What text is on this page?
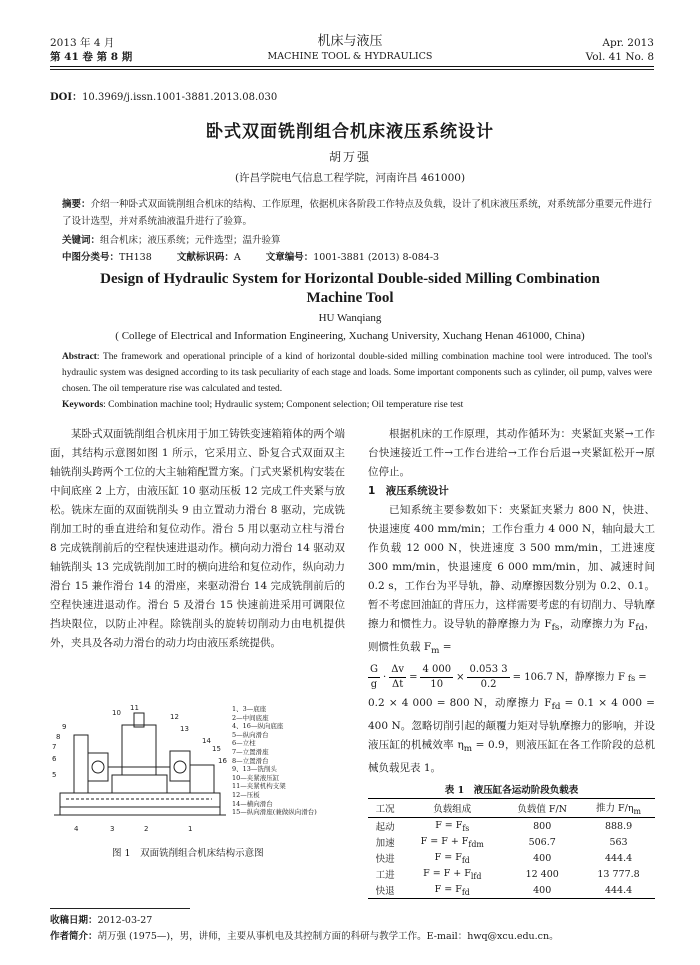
2013 年 4 月
第 41 卷 第 8 期
机床与液压
MACHINE TOOL & HYDRAULICS
Apr. 2013
Vol. 41 No. 8
DOI：10.3969/j.issn.1001-3881.2013.08.030
卧式双面铣削组合机床液压系统设计
胡万强
(许昌学院电气信息工程学院，河南许昌 461000)
摘要：介绍一种卧式双面铣削组合机床的结构、工作原理，依据机床各阶段工作特点及负载，设计了机床液压系统，对系统部分重要元件进行了设计选型，并对系统油液温升进行了验算。
关键词：组合机床；液压系统；元件选型；温升验算
中图分类号：TH138	文献标识码：A	文章编号：1001-3881 (2013) 8-084-3
Design of Hydraulic System for Horizontal Double-sided Milling Combination
Machine Tool
HU Wanqiang
( College of Electrical and Information Engineering, Xuchang University, Xuchang Henan 461000, China)
Abstract: The framework and operational principle of a kind of horizontal double-sided milling combination machine tool were introduced. The tool's hydraulic system was designed according to its task peculiarity of each stage and loads. Some important components such as cylinder, oil pump, valves were chosen. The oil temperature rise was calculated and tested.
Keywords: Combination machine tool; Hydraulic system; Component selection; Oil temperature rise test

某卧式双面铣削组合机床用于加工铸铁变速箱箱体的两个端面，其结构示意图如图 1 所示，它采用立、卧复合式双面双主轴铣削头跨两个工位的大主轴箱配置方案。门式夹紧机构安装在中间底座 2 上方，由液压缸 10 驱动压板 12 完成工件夹紧与放松。铣床左面的双面铣削头 9 由立置动力滑台 8 驱动，完成铣削加工时的垂直进给和复位动作。滑台 5 用以驱动立柱与滑台 8 完成铣削前后的空程快速进退动作。横向动力滑台 14 驱动双轴铣削头 13 完成铣削加工时的横向进给和复位动作，纵向动力滑台 15 兼作滑台 14 的滑座，来驱动滑台 14 完成铣削前后的空程快速进退动作。滑台 5 及滑台 15 快速前进采用可调限位挡块限位，以防止冲程。除铣削头的旋转切削动力由电机提供外，夹具及各动力滑台的动力均由液压系统提供。

10
11
12
13
14
15
16
9
8
7
6
5
4	3	2	1
1、3—底座
2—中间底座
4、16—纵向底座
5—纵向滑台
6—立柱
7—立置滑座
8—立置滑台
9、13—铣削头
10—夹紧液压缸
11—夹紧机构支架
12—压板
14—横向滑台
15—纵向滑座(兼做纵向滑台)
图 1　双面铣削组合机床结构示意图

根据机床的工作原理，其动作循环为：夹紧缸夹紧→工作台快速接近工件→工作台进给→工作台后退→夹紧缸松开→原位停止。

1　液压系统设计

已知系统主要参数如下：夹紧缸夹紧力 800 N，快进、快退速度 400 mm/min；工作台重力 4 000 N，轴向最大工作负载 12 000 N，快进速度 3 500 mm/min，工进速度 300 mm/min，快退速度 6 000 mm/min，加、减速时间 0.2 s，工作台为平导轨，静、动摩擦因数分别为 0.2、0.1。暂不考虑回油缸的背压力，这样需要考虑的有切削力、导轨摩擦力和惯性力。设导轨的静摩擦力为 $F_{fs}$，动摩擦力为 $F_{fd}$，则惯性负载 $F_m$ =

$\frac{G}{g} \cdot \frac{\Delta v}{\Delta t} = \frac{4 000}{10} \times \frac{0.053 3}{0.2} = 106.7$ N，静摩擦力 F fs =

0.2 × 4 000 = 800 N，动摩擦力 $F_{fd} = 0.1 \times 4$ 000 = 400 N。忽略切削引起的颠覆力矩对导轨摩擦力的影响，并设液压缸的机械效率 $\eta_m = 0.9$，则液压缸在各工作阶段的总机械负载见表 1。

表 1　液压缸各运动阶段负载表
工况	负载组成	负载值 F/N	推力 $F/\eta_m$
起动	$F = F_{fs}$	800	888.9
加速	$F = F + F_{fdm}$	506.7	563
快进	$F = F_{fd}$	400	444.4
工进	$F = F + F_{lfd}$	12 400	13 777.8
快退	$F = F_{fd}$	400	444.4
收稿日期：2012-03-27
作者简介：胡万强 (1975—)，男，讲师，主要从事机电及其控制方面的科研与教学工作。E-mail：hwq@xcu.edu.cn。
